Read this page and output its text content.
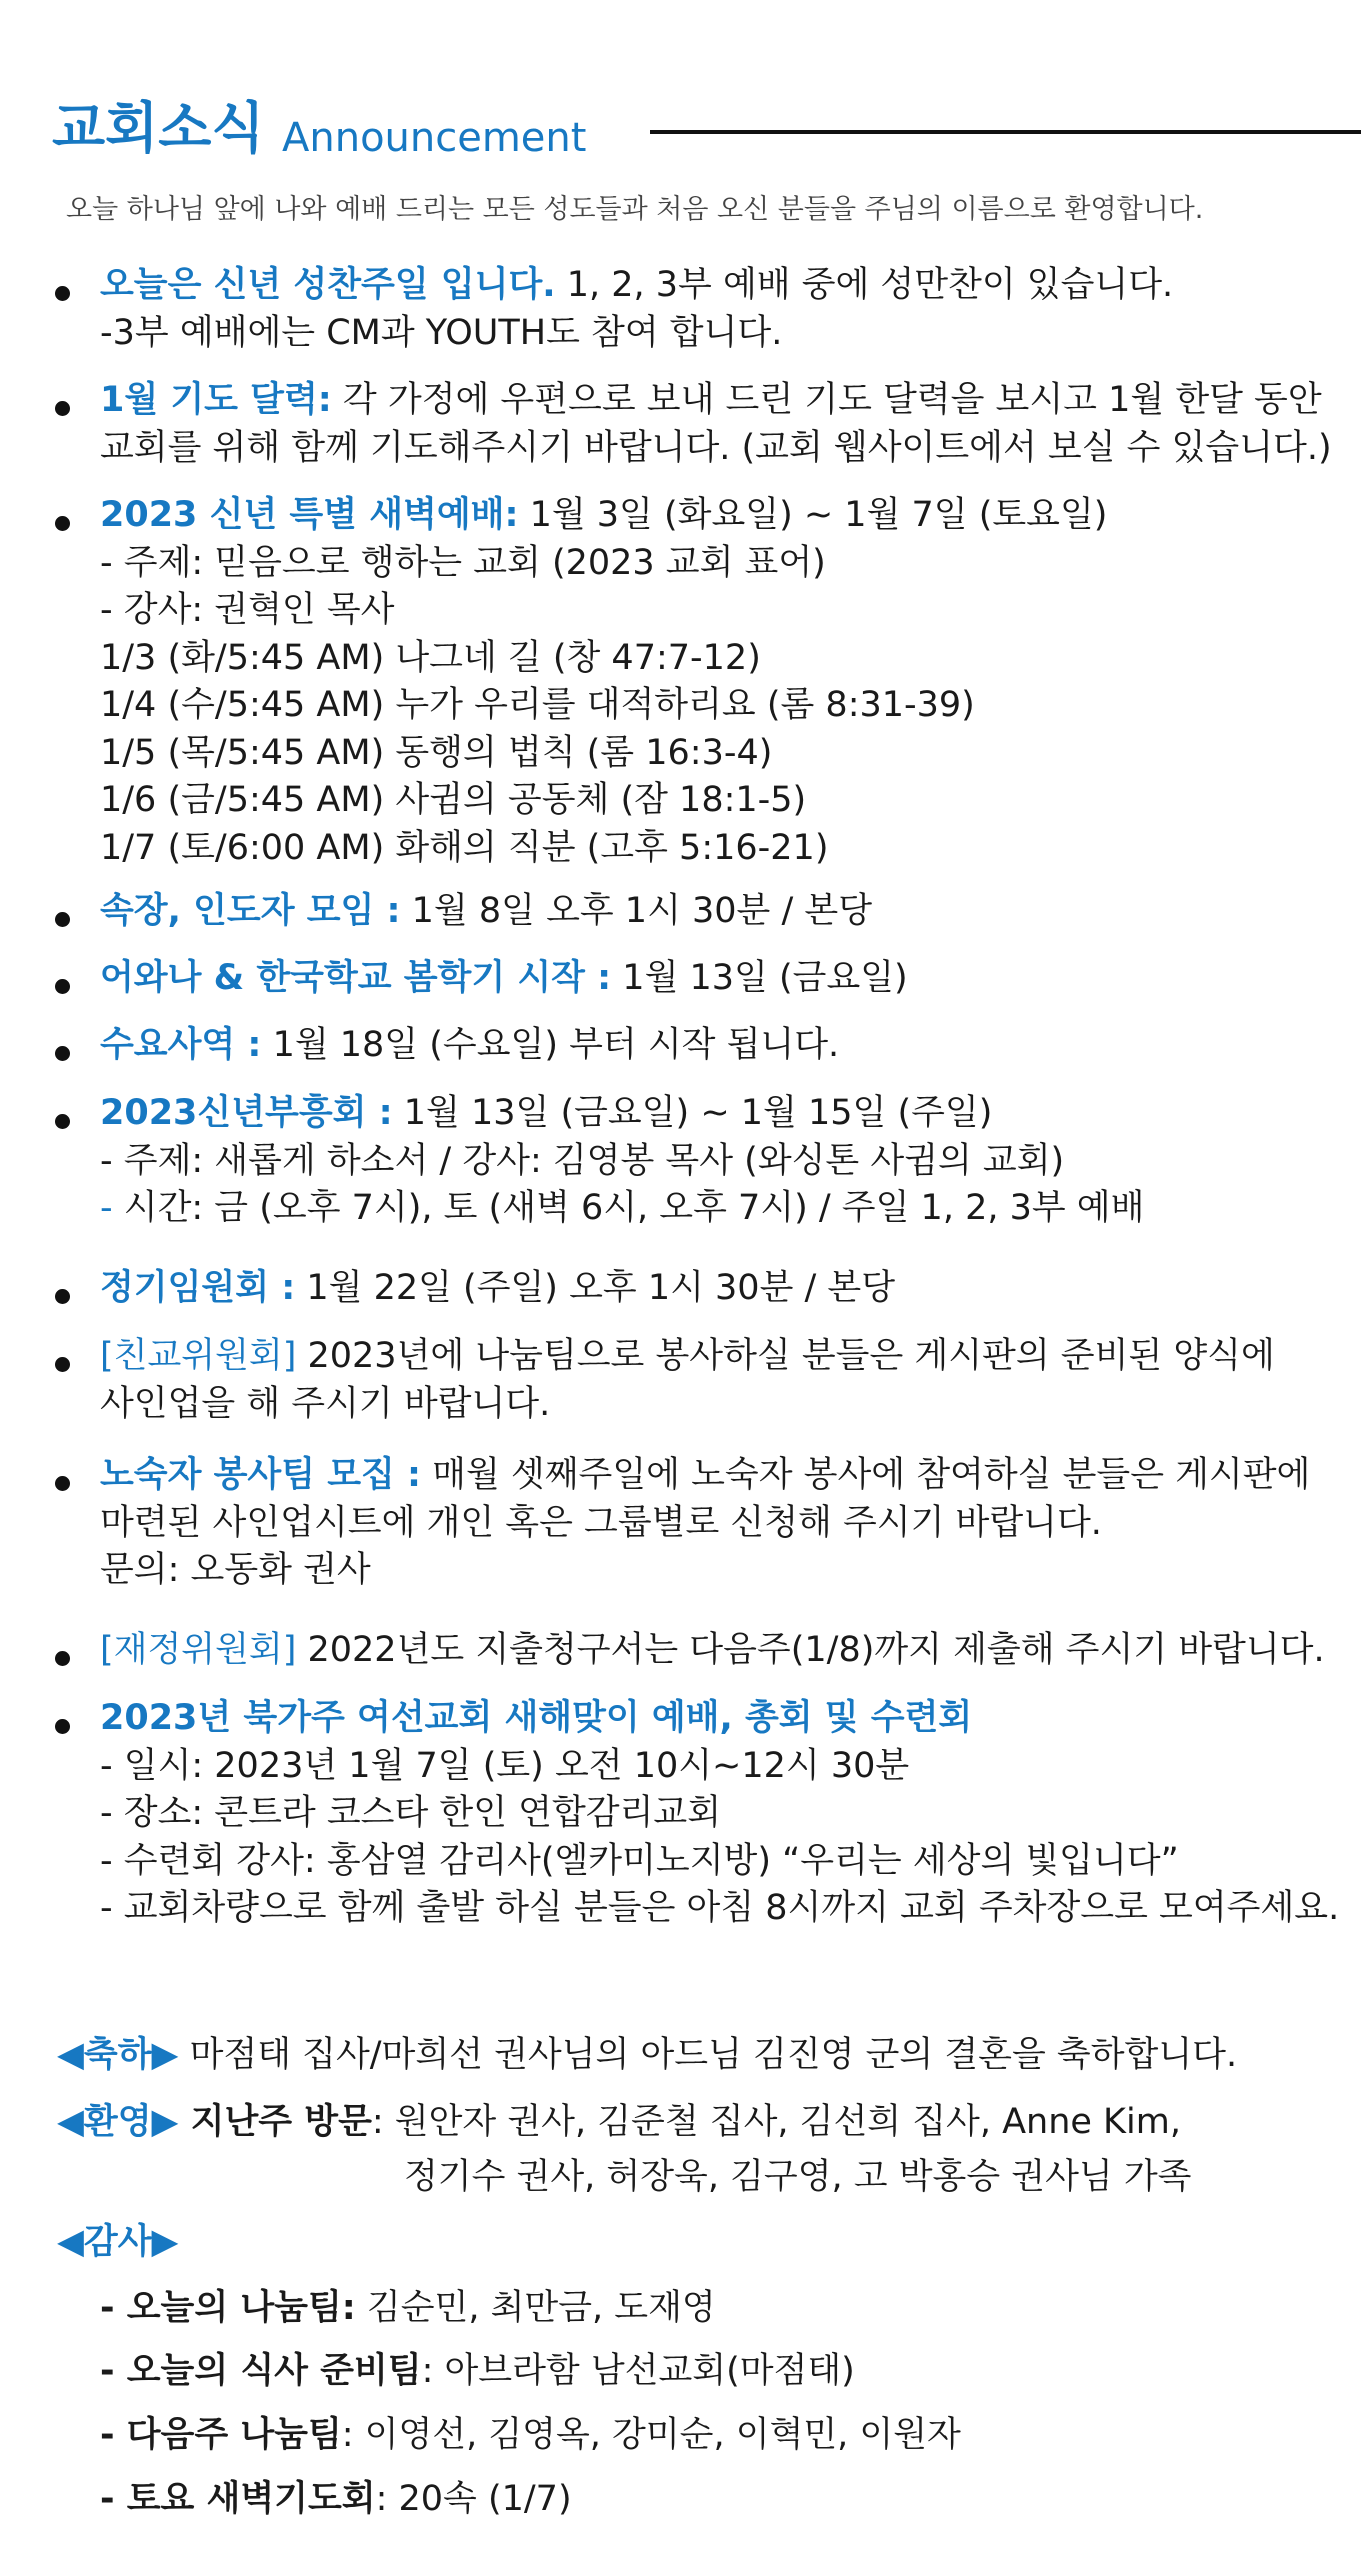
교회소식 Announcement
오늘 하나님 앞에 나와 예배 드리는 모든 성도들과 처음 오신 분들을 주님의 이름으로 환영합니다.
오늘은 신년 성찬주일 입니다. 1, 2, 3부 예배 중에 성만찬이 있습니다.
-3부 예배에는 CM과 YOUTH도 참여 합니다.
1월 기도 달력: 각 가정에 우편으로 보내 드린 기도 달력을 보시고 1월 한달 동안
교회를 위해 함께 기도해주시기 바랍니다. (교회 웹사이트에서 보실 수 있습니다.)
2023 신년 특별 새벽예배: 1월 3일 (화요일) ~ 1월 7일 (토요일)
- 주제: 믿음으로 행하는 교회 (2023 교회 표어)
- 강사: 권혁인 목사
1/3 (화/5:45 AM) 나그네 길 (창 47:7-12)
1/4 (수/5:45 AM) 누가 우리를 대적하리요 (롬 8:31-39)
1/5 (목/5:45 AM) 동행의 법칙 (롬 16:3-4)
1/6 (금/5:45 AM) 사귐의 공동체 (잠 18:1-5)
1/7 (토/6:00 AM) 화해의 직분 (고후 5:16-21)
속장, 인도자 모임 : 1월 8일 오후 1시 30분 / 본당
어와나 & 한국학교 봄학기 시작 : 1월 13일 (금요일)
수요사역 : 1월 18일 (수요일) 부터 시작 됩니다.
2023신년부흥회 : 1월 13일 (금요일) ~ 1월 15일 (주일)
- 주제: 새롭게 하소서 / 강사: 김영봉 목사 (와싱톤 사귐의 교회)
- 시간: 금 (오후 7시), 토 (새벽 6시, 오후 7시) / 주일 1, 2, 3부 예배
정기임원회 : 1월 22일 (주일) 오후 1시 30분 / 본당
[친교위원회] 2023년에 나눔팀으로 봉사하실 분들은 게시판의 준비된 양식에
사인업을 해 주시기 바랍니다.
노숙자 봉사팀 모집 : 매월 셋째주일에 노숙자 봉사에 참여하실 분들은 게시판에
마련된 사인업시트에 개인 혹은 그룹별로 신청해 주시기 바랍니다.
문의: 오동화 권사
[재정위원회] 2022년도 지출청구서는 다음주(1/8)까지 제출해 주시기 바랍니다.
2023년 북가주 여선교회 새해맞이 예배, 총회 및 수련회
- 일시: 2023년 1월 7일 (토) 오전 10시~12시 30분
- 장소: 콘트라 코스타 한인 연합감리교회
- 수련회 강사: 홍삼열 감리사(엘카미노지방) “우리는 세상의 빛입니다”
- 교회차량으로 함께 출발 하실 분들은 아침 8시까지 교회 주차장으로 모여주세요.
◀축하▶ 마점태 집사/마희선 권사님의 아드님 김진영 군의 결혼을 축하합니다.
◀환영▶ 지난주 방문: 원안자 권사, 김준철 집사, 김선희 집사, Anne Kim,
정기수 권사, 허장욱, 김구영, 고 박홍승 권사님 가족
◀감사▶
- 오늘의 나눔팀: 김순민, 최만금, 도재영
- 오늘의 식사 준비팀: 아브라함 남선교회(마점태)
- 다음주 나눔팀: 이영선, 김영옥, 강미순, 이혁민, 이원자
- 토요 새벽기도회: 20속 (1/7)
